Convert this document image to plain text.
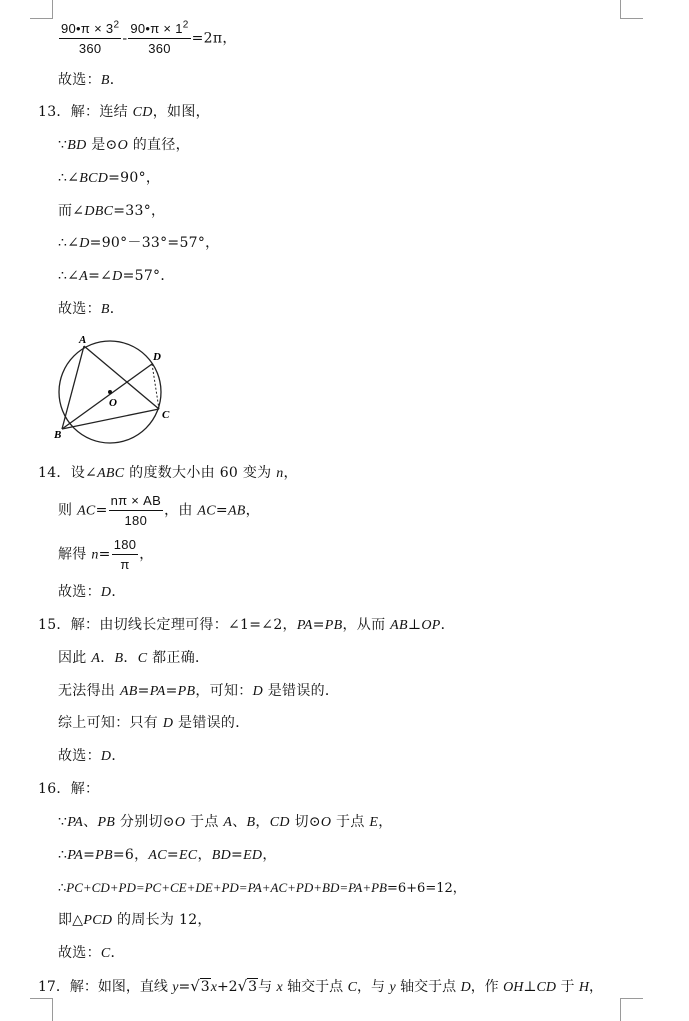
$\frac{90•\pi \times 3^2}{360} - \frac{90•\pi \times 1^2}{360} =2\pi$，
故选：B．
13．解：连结 CD，如图，
∵BD 是⊙O 的直径，
∴∠BCD=90°，
而∠DBC=33°，
∴∠D=90°－33°=57°，
∴∠A=∠D=57°．
故选：B．
A
B
C
D
O
14．设∠ABC 的度数大小由 60 变为 n，
则 $AC= \frac{n\pi \times AB}{180}$ ，由 AC=AB，
解得 $n= \frac{180}{\pi}$ ，
故选：D．
15．解：由切线长定理可得：∠1=∠2，PA=PB，从而 AB⊥OP．
因此 A．B．C 都正确．
无法得出 AB=PA=PB，可知：D 是错误的．
综上可知：只有 D 是错误的．
故选：D．
16．解：
∵PA、PB 分别切⊙O 于点 A、B，CD 切⊙O 于点 E，
∴PA=PB=6，AC=EC，BD=ED，
∴PC+CD+PD=PC+CE+DE+PD=PA+AC+PD+BD=PA+PB=6+6=12，
即△PCD 的周长为 12，
故选：C．
17．解：如图，直线 y=√3x+2√3与 x 轴交于点 C，与 y 轴交于点 D，作 OH⊥CD 于 H，
